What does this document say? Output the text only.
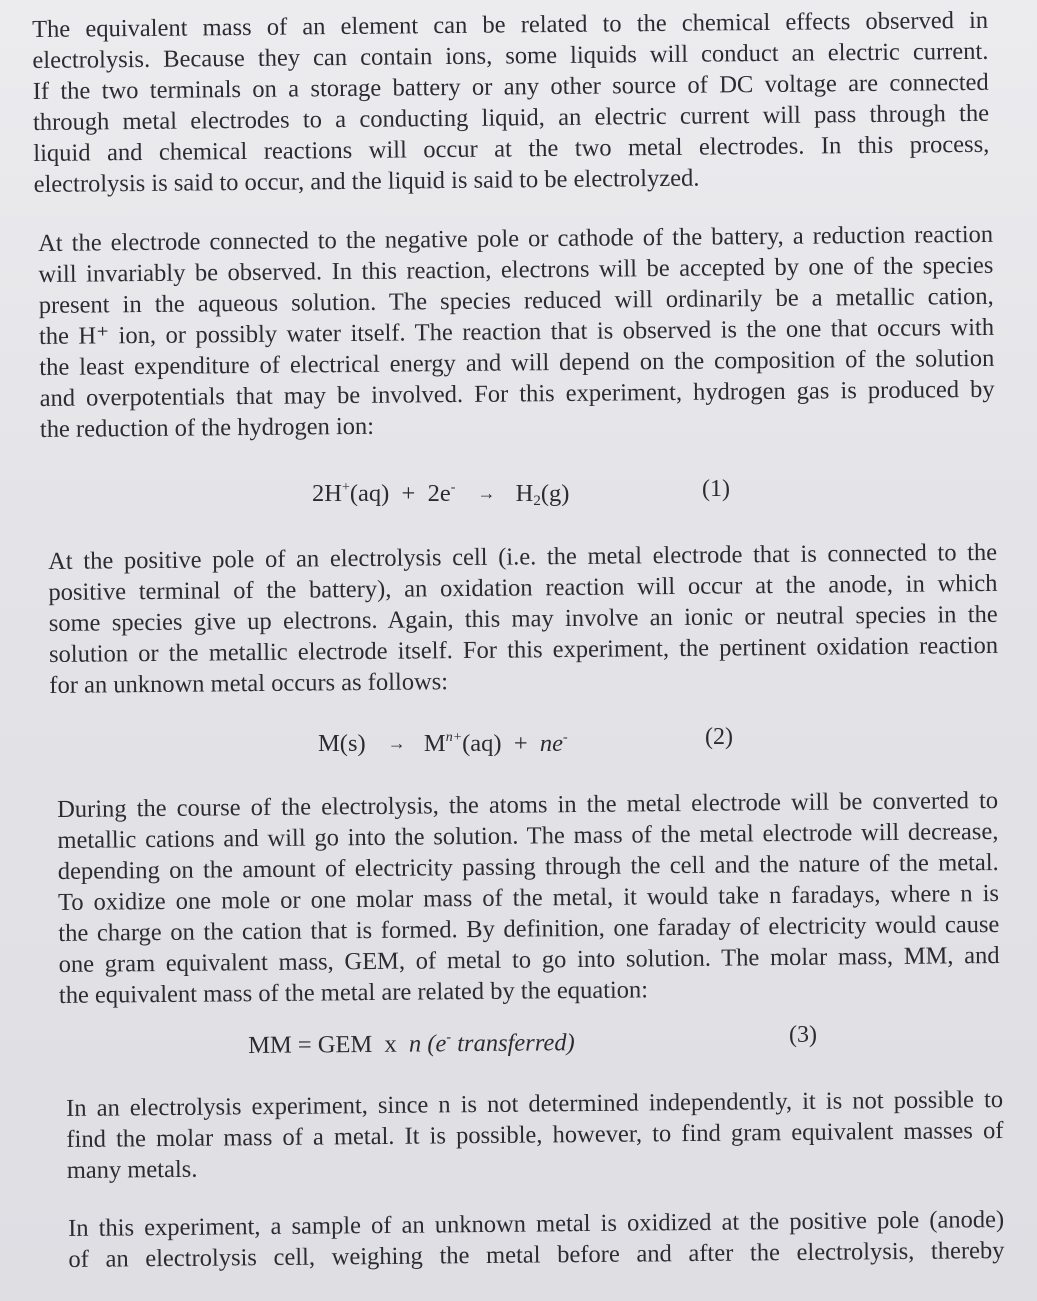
The equivalent mass of an element can be related to the chemical effects observed in
electrolysis. Because they can contain ions, some liquids will conduct an electric current.
If the two terminals on a storage battery or any other source of DC voltage are connected
through metal electrodes to a conducting liquid, an electric current will pass through the
liquid and chemical reactions will occur at the two metal electrodes. In this process,
electrolysis is said to occur, and the liquid is said to be electrolyzed.
At the electrode connected to the negative pole or cathode of the battery, a reduction reaction
will invariably be observed. In this reaction, electrons will be accepted by one of the species
present in the aqueous solution. The species reduced will ordinarily be a metallic cation,
the H⁺ ion, or possibly water itself. The reaction that is observed is the one that occurs with
the least expenditure of electrical energy and will depend on the composition of the solution
and overpotentials that may be involved. For this experiment, hydrogen gas is produced by
the reduction of the hydrogen ion:
$2H^+(aq) + 2e^- \to H_2(g)$	(1)
At the positive pole of an electrolysis cell (i.e. the metal electrode that is connected to the
positive terminal of the battery), an oxidation reaction will occur at the anode, in which
some species give up electrons. Again, this may involve an ionic or neutral species in the
solution or the metallic electrode itself. For this experiment, the pertinent oxidation reaction
for an unknown metal occurs as follows:
$M(s) \to M^{n+}(aq) + ne^-$	(2)
During the course of the electrolysis, the atoms in the metal electrode will be converted to
metallic cations and will go into the solution. The mass of the metal electrode will decrease,
depending on the amount of electricity passing through the cell and the nature of the metal.
To oxidize one mole or one molar mass of the metal, it would take n faradays, where n is
the charge on the cation that is formed. By definition, one faraday of electricity would cause
one gram equivalent mass, GEM, of metal to go into solution. The molar mass, MM, and
the equivalent mass of the metal are related by the equation:
MM = GEM  x  n (e- transferred)	(3)
In an electrolysis experiment, since n is not determined independently, it is not possible to
find the molar mass of a metal. It is possible, however, to find gram equivalent masses of
many metals.
In this experiment, a sample of an unknown metal is oxidized at the positive pole (anode)
of an electrolysis cell, weighing the metal before and after the electrolysis, thereby
